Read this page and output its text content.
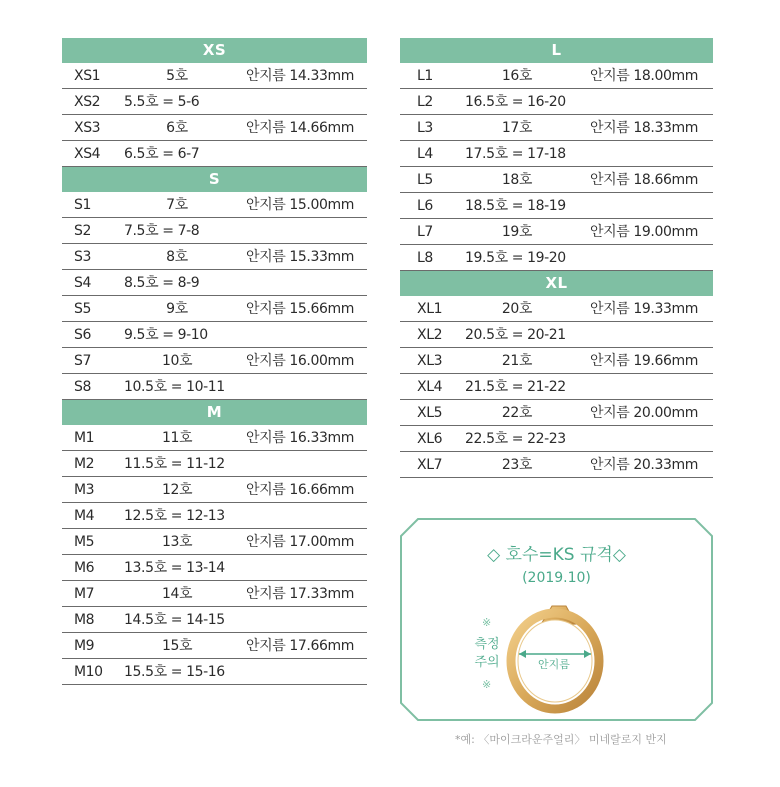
XS
XS1	5호	안지름 14.33mm
XS2 5.5호 = 5-6
XS3	6호	안지름 14.66mm
XS4 6.5호 = 6-7
S
S1	7호	안지름 15.00mm
S2 7.5호 = 7-8
S3	8호	안지름 15.33mm
S4 8.5호 = 8-9
S5	9호	안지름 15.66mm
S6 9.5호 = 9-10
S7	10호	안지름 16.00mm
S8 10.5호 = 10-11
M
M1	11호	안지름 16.33mm
M2 11.5호 = 11-12
M3	12호	안지름 16.66mm
M4 12.5호 = 12-13
M5	13호	안지름 17.00mm
M6 13.5호 = 13-14
M7	14호	안지름 17.33mm
M8 14.5호 = 14-15
M9	15호	안지름 17.66mm
M10 15.5호 = 15-16
L
L1	16호	안지름 18.00mm
L2 16.5호 = 16-20
L3	17호	안지름 18.33mm
L4 17.5호 = 17-18
L5	18호	안지름 18.66mm
L6 18.5호 = 18-19
L7	19호	안지름 19.00mm
L8 19.5호 = 19-20
XL
XL1	20호	안지름 19.33mm
XL2 20.5호 = 20-21
XL3	21호	안지름 19.66mm
XL4 21.5호 = 21-22
XL5	22호	안지름 20.00mm
XL6 22.5호 = 22-23
XL7	23호	안지름 20.33mm
◇ 호수=KS 규격◇
(2019.10)
※
측정
주의
※
안지름
*예: 〈마이크라운주얼리〉 미네랄로지 반지
